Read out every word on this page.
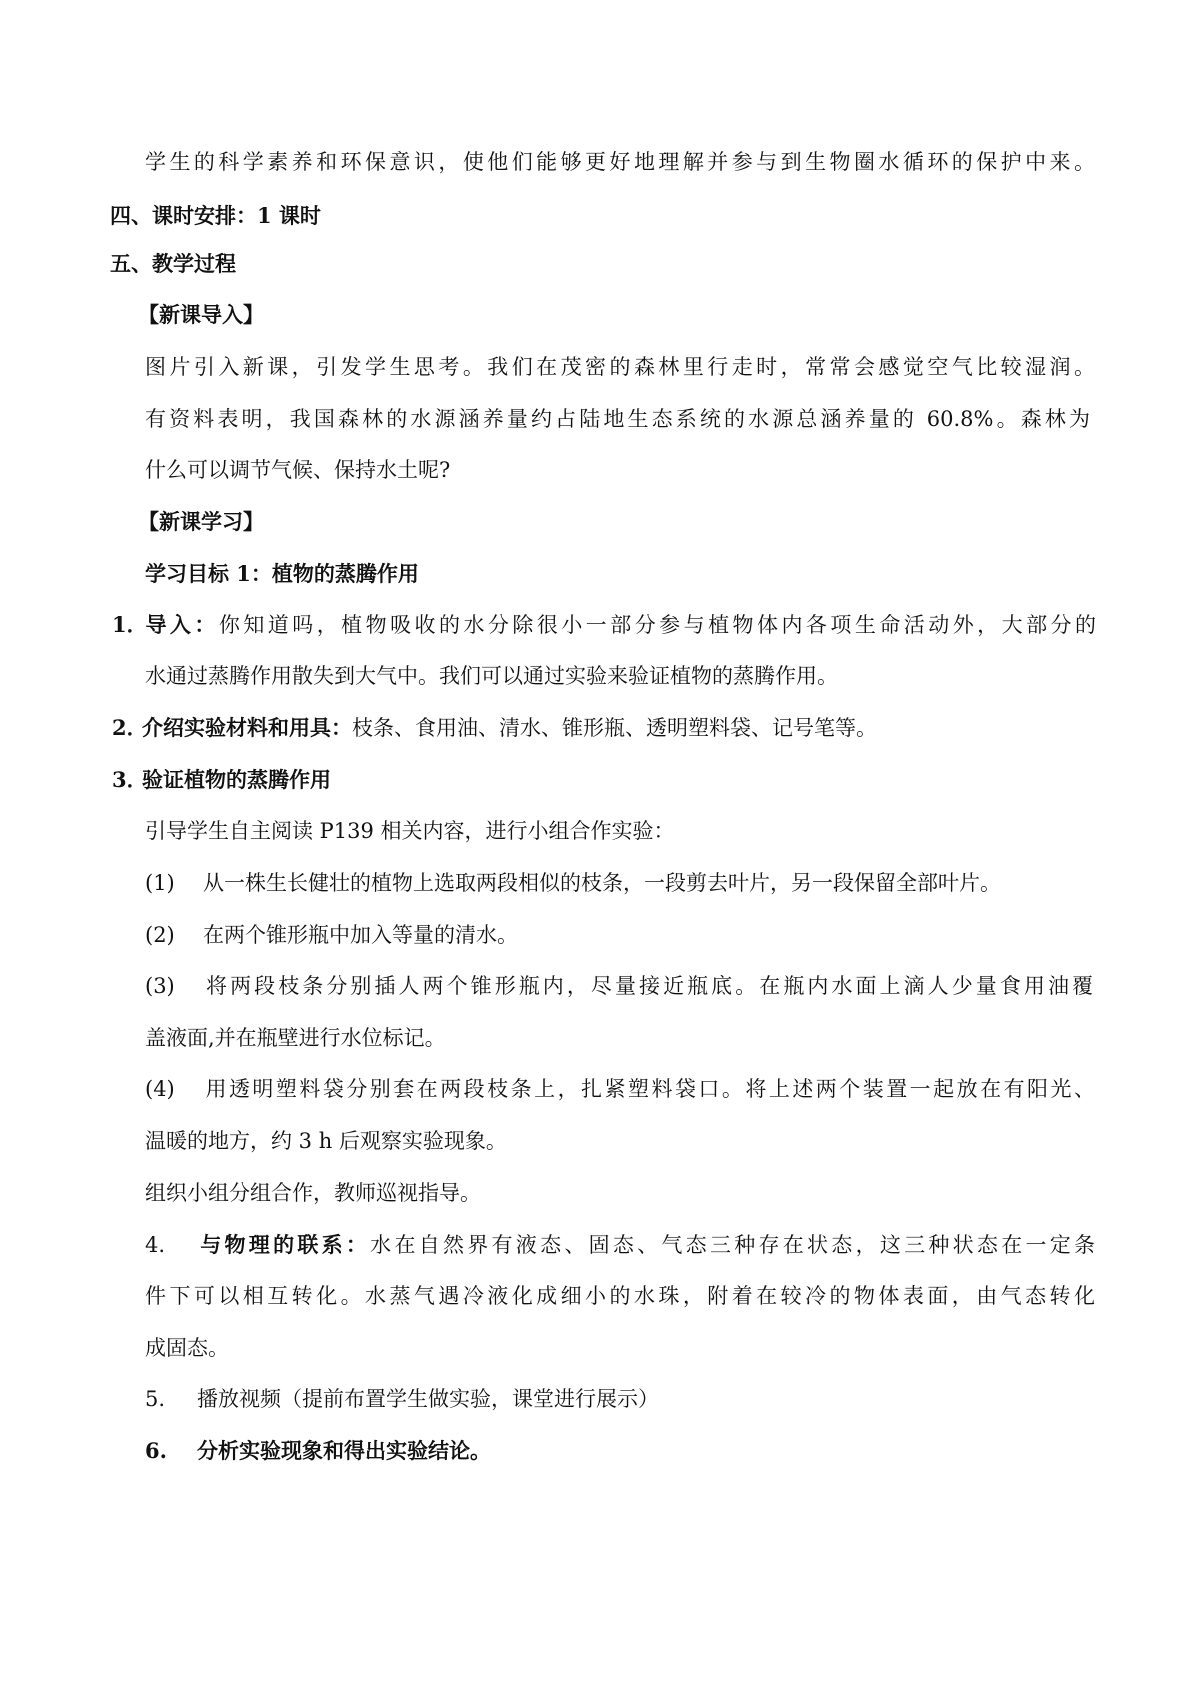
学生的科学素养和环保意识，使他们能够更好地理解并参与到生物圈水循环的保护中来。
四、课时安排：1 课时
五、教学过程
【新课导入】
图片引入新课，引发学生思考。我们在茂密的森林里行走时，常常会感觉空气比较湿润。
有资料表明，我国森林的水源涵养量约占陆地生态系统的水源总涵养量的 60.8%。森林为
什么可以调节气候、保持水土呢?
【新课学习】
学习目标 1：植物的蒸腾作用
1．导入：你知道吗，植物吸收的水分除很小一部分参与植物体内各项生命活动外，大部分的
水通过蒸腾作用散失到大气中。我们可以通过实验来验证植物的蒸腾作用。
2．介绍实验材料和用具：枝条、食用油、清水、锥形瓶、透明塑料袋、记号笔等。
3．验证植物的蒸腾作用
引导学生自主阅读 P139 相关内容，进行小组合作实验：
(1) 从一株生长健壮的植物上选取两段相似的枝条，一段剪去叶片，另一段保留全部叶片。
(2) 在两个锥形瓶中加入等量的清水。
(3) 将两段枝条分别插人两个锥形瓶内，尽量接近瓶底。在瓶内水面上滴人少量食用油覆
盖液面,并在瓶壁进行水位标记。
(4) 用透明塑料袋分别套在两段枝条上，扎紧塑料袋口。将上述两个装置一起放在有阳光、
温暖的地方，约 3 h 后观察实验现象。
组织小组分组合作，教师巡视指导。
4. 与物理的联系：水在自然界有液态、固态、气态三种存在状态，这三种状态在一定条
件下可以相互转化。水蒸气遇冷液化成细小的水珠，附着在较冷的物体表面，由气态转化
成固态。
5. 播放视频（提前布置学生做实验，课堂进行展示）
6. 分析实验现象和得出实验结论。
